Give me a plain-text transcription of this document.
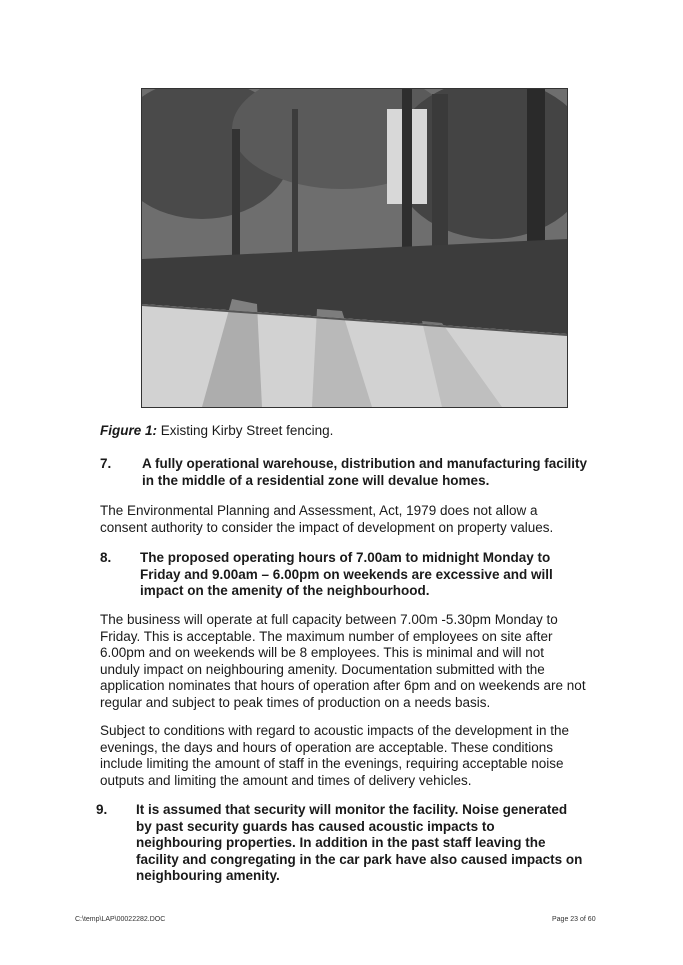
Figure 1: Existing Kirby Street fencing.
7. A fully operational warehouse, distribution and manufacturing facility
in the middle of a residential zone will devalue homes.
The Environmental Planning and Assessment, Act, 1979 does not allow a
consent authority to consider the impact of development on property values.
8. The proposed operating hours of 7.00am to midnight Monday to
Friday and 9.00am – 6.00pm on weekends are excessive and will
impact on the amenity of the neighbourhood.
The business will operate at full capacity between 7.00m -5.30pm Monday to
Friday. This is acceptable. The maximum number of employees on site after
6.00pm and on weekends will be 8 employees. This is minimal and will not
unduly impact on neighbouring amenity. Documentation submitted with the
application nominates that hours of operation after 6pm and on weekends are not
regular and subject to peak times of production on a needs basis.
Subject to conditions with regard to acoustic impacts of the development in the
evenings, the days and hours of operation are acceptable. These conditions
include limiting the amount of staff in the evenings, requiring acceptable noise
outputs and limiting the amount and times of delivery vehicles.
9. It is assumed that security will monitor the facility. Noise generated
by past security guards has caused acoustic impacts to
neighbouring properties. In addition in the past staff leaving the
facility and congregating in the car park have also caused impacts on
neighbouring amenity.
C:\temp\LAP\00022282.DOC	Page 23 of 60
